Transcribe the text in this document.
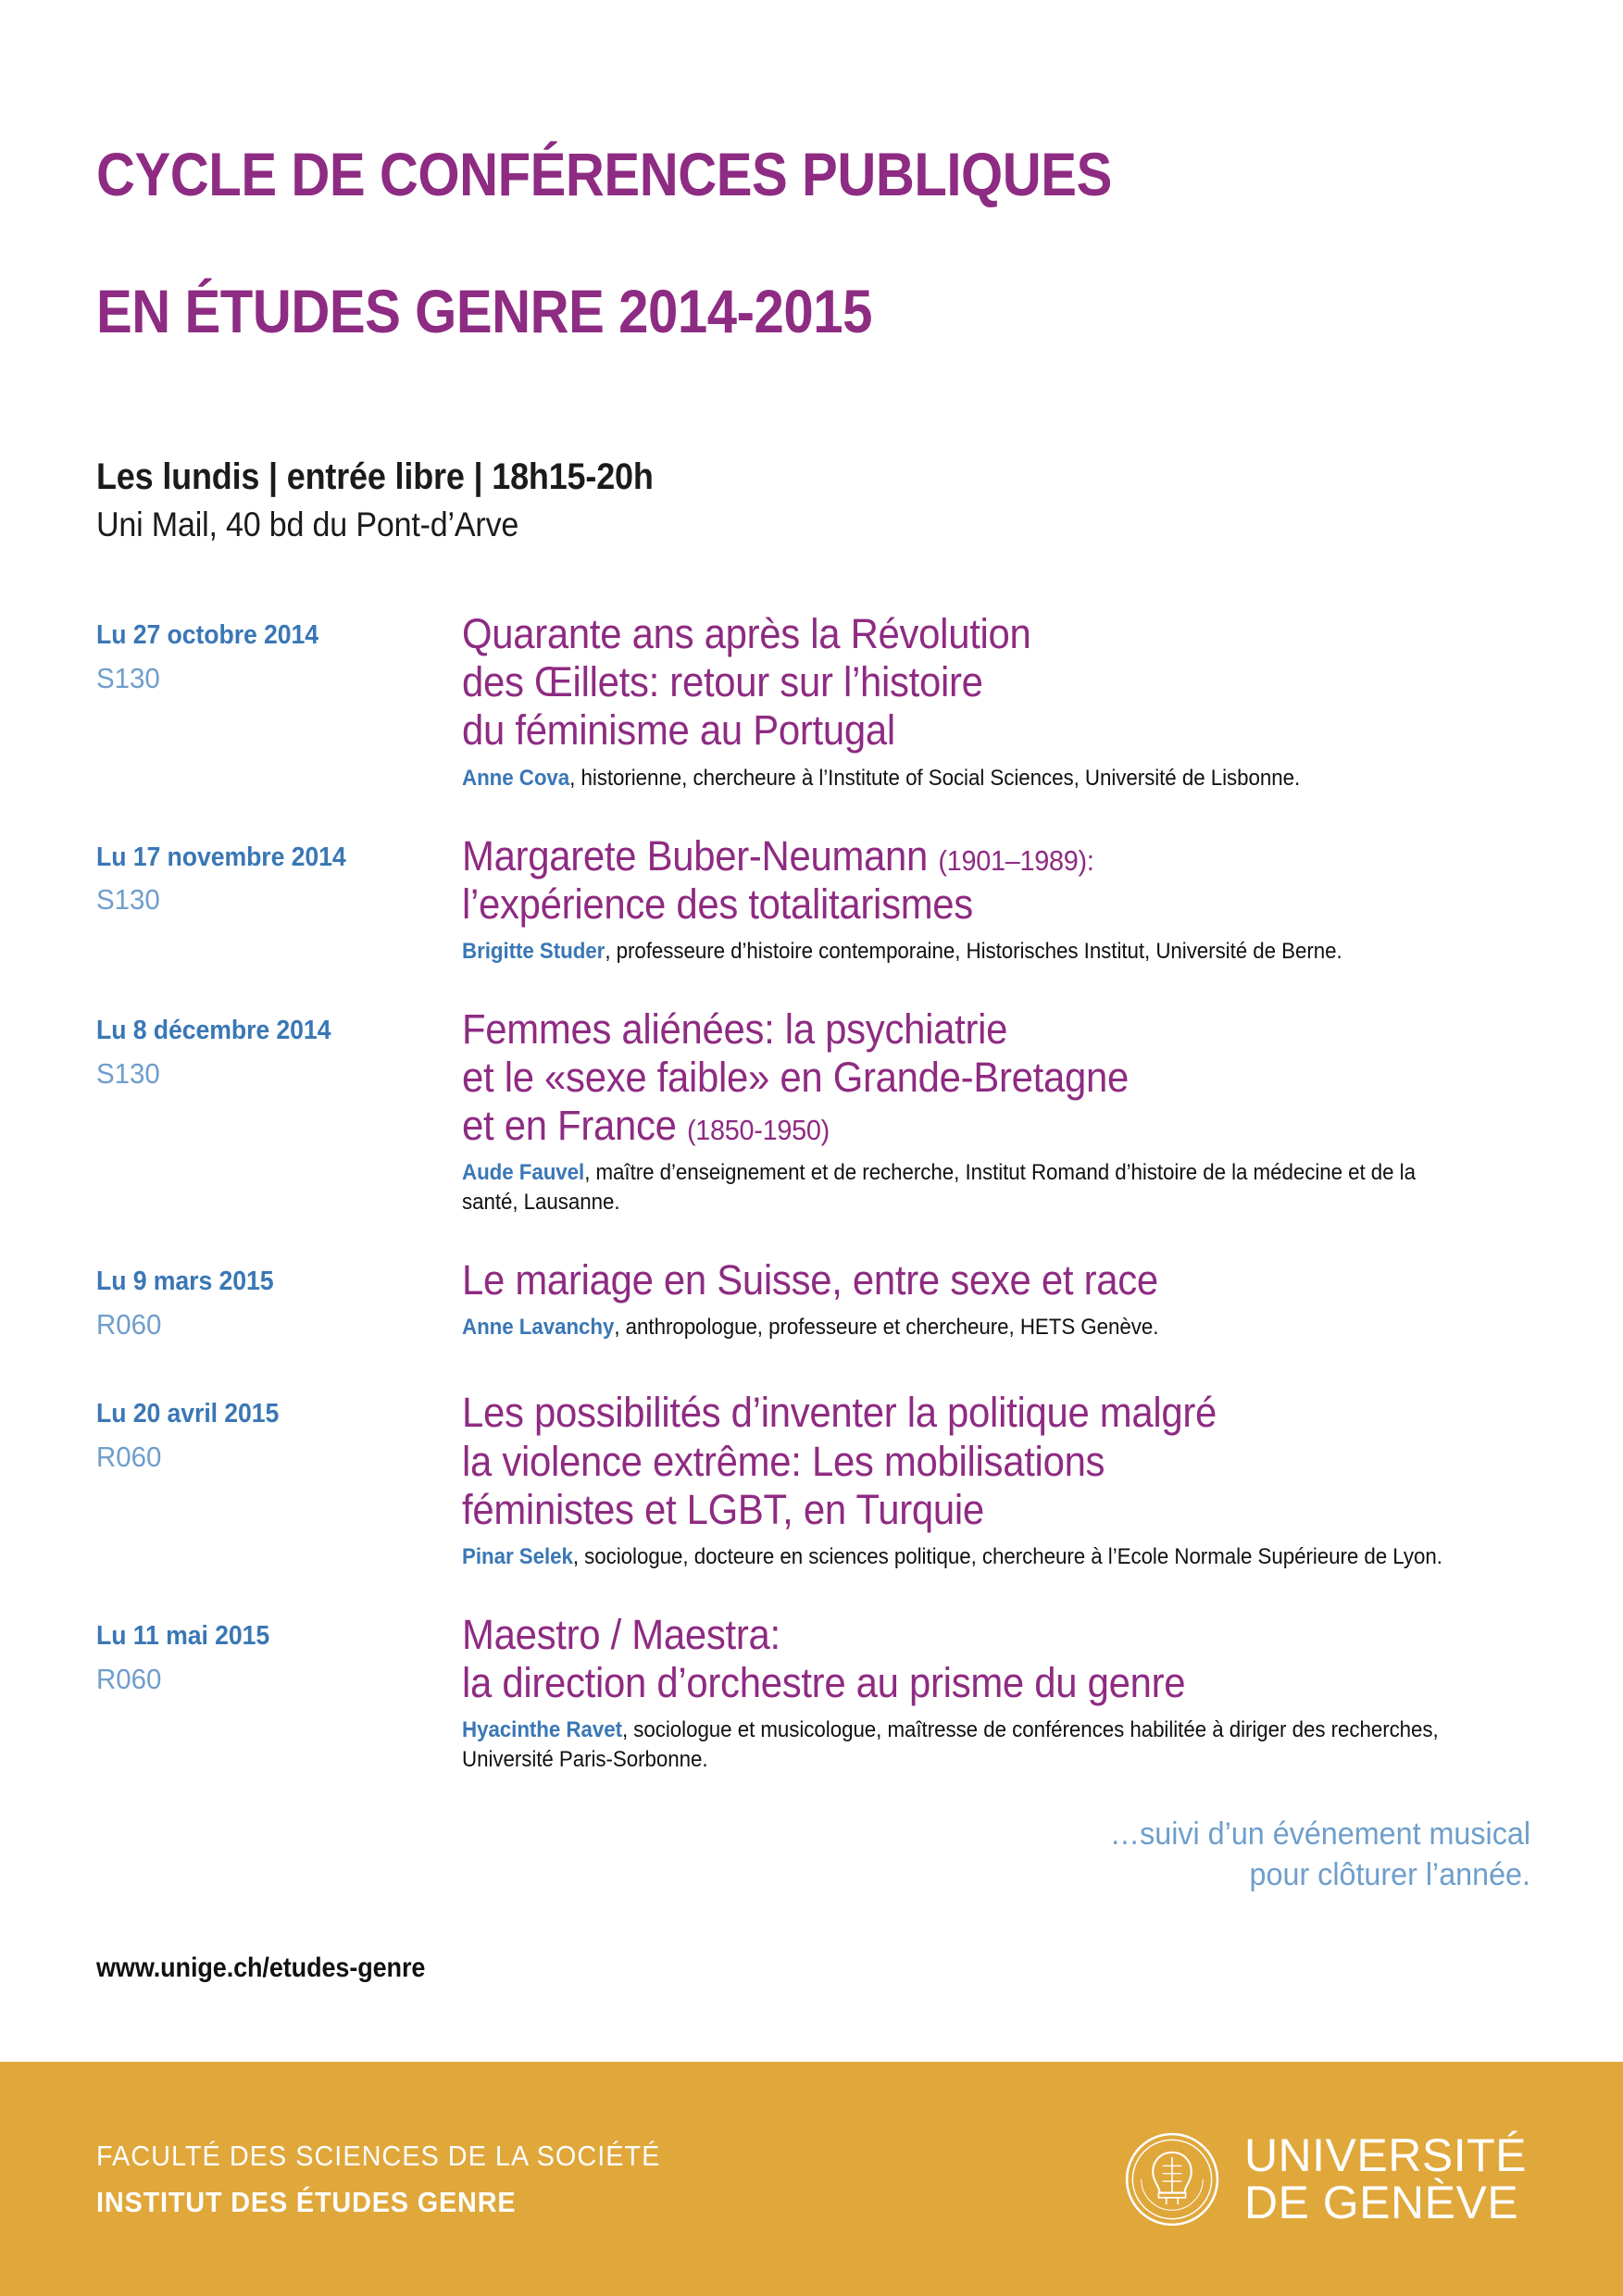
CYCLE DE CONFÉRENCES PUBLIQUES

EN ÉTUDES GENRE 2014-2015

Les lundis | entrée libre | 18h15-20h
Uni Mail, 40 bd du Pont-d’Arve
Lu 27 octobre 2014
S130
Quarante ans après la Révolution
des Œillets: retour sur l’histoire
du féminisme au Portugal
Anne Cova, historienne, chercheure à l’Institute of Social Sciences, Université de Lisbonne.
Lu 17 novembre 2014
S130
Margarete Buber-Neumann (1901–1989):
l’expérience des totalitarismes
Brigitte Studer, professeure d’histoire contemporaine, Historisches Institut, Université de Berne.
Lu 8 décembre 2014
S130
Femmes aliénées: la psychiatrie
et le «sexe faible» en Grande-Bretagne
et en France (1850-1950)
Aude Fauvel, maître d’enseignement et de recherche, Institut Romand d’histoire de la médecine et de la santé, Lausanne.
Lu 9 mars 2015
R060
Le mariage en Suisse, entre sexe et race
Anne Lavanchy, anthropologue, professeure et chercheure, HETS Genève.
Lu 20 avril 2015
R060
Les possibilités d’inventer la politique malgré
la violence extrême: Les mobilisations
féministes et LGBT, en Turquie
Pinar Selek, sociologue, docteure en sciences politique, chercheure à l’Ecole Normale Supérieure de Lyon.
Lu 11 mai 2015
R060
Maestro / Maestra:
la direction d’orchestre au prisme du genre
Hyacinthe Ravet, sociologue et musicologue, maîtresse de conférences habilitée à diriger des recherches, Université Paris-Sorbonne.
…suivi d’un événement musical
pour clôturer l’année.
www.unige.ch/etudes-genre
FACULTÉ DES SCIENCES DE LA SOCIÉTÉ
INSTITUT DES ÉTUDES GENRE
UNIVERSITÉ
DE GENÈVE
